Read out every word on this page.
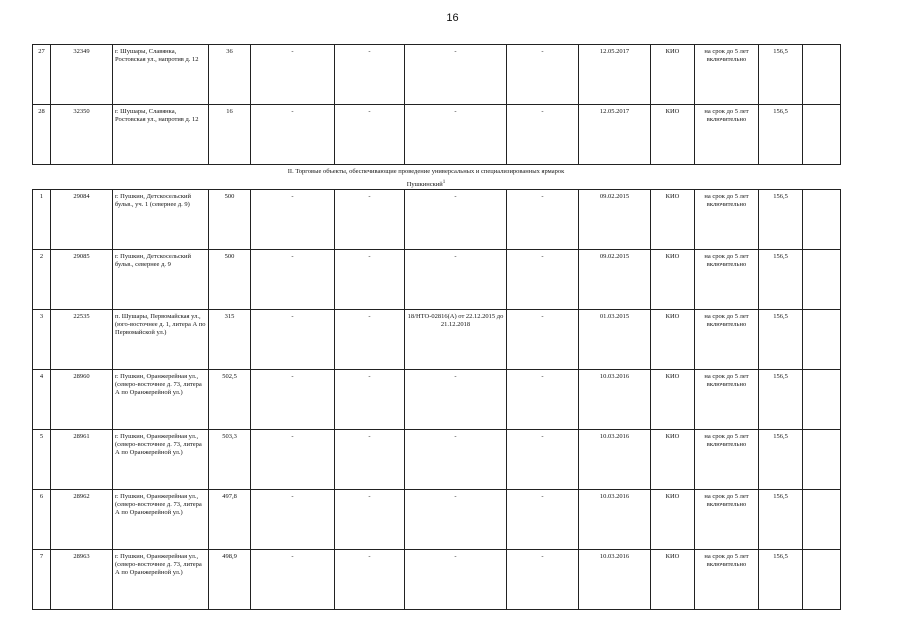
16
27	32349	г. Шушары, Славянка, Ростовская ул., напротив д. 12	36	-	-	-	-	12.05.2017	КИО	на срок до 5 лет включительно	156,5	
28	32350	г. Шушары, Славянка, Ростовская ул., напротив д. 12	16	-	-	-	-	12.05.2017	КИО	на срок до 5 лет включительно	156,5	
II. Торговые объекты, обеспечивающие проведение универсальных и специализированных ярмарок
Пушкинский$^1$
1	29084	г. Пушкин, Детскосельский бульв., уч. 1 (севернее д. 9)	500	-	-	-	-	09.02.2015	КИО	на срок до 5 лет включительно	156,5	
2	29085	г. Пушкин, Детскосельский бульв., севернее д. 9	500	-	-	-	-	09.02.2015	КИО	на срок до 5 лет включительно	156,5	
3	22535	п. Шушары, Первомайская ул., (юго-восточнее д. 1, литера А по Первомайской ул.)	315	-	-	18/НТО-02816(А) от 22.12.2015 до 21.12.2018	-	01.03.2015	КИО	на срок до 5 лет включительно	156,5	
4	28960	г. Пушкин, Оранжерейная ул., (северо-восточнее д. 73, литера А по Оранжерейной ул.)	502,5	-	-	-	-	10.03.2016	КИО	на срок до 5 лет включительно	156,5	
5	28961	г. Пушкин, Оранжерейная ул., (северо-восточнее д. 73, литера А по Оранжерейной ул.)	503,3	-	-	-	-	10.03.2016	КИО	на срок до 5 лет включительно	156,5	
6	28962	г. Пушкин, Оранжерейная ул., (северо-восточнее д. 73, литера А по Оранжерейной ул.)	497,8	-	-	-	-	10.03.2016	КИО	на срок до 5 лет включительно	156,5	
7	28963	г. Пушкин, Оранжерейная ул., (северо-восточнее д. 73, литера А по Оранжерейной ул.)	498,9	-	-	-	-	10.03.2016	КИО	на срок до 5 лет включительно	156,5	
